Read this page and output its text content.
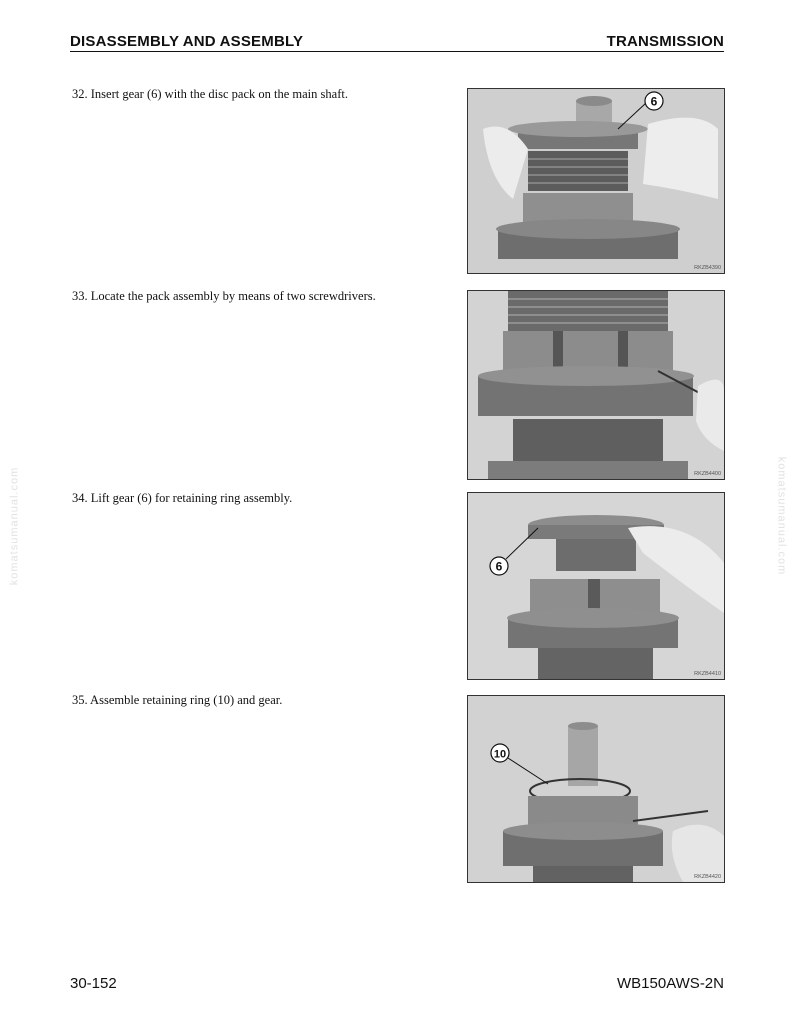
DISASSEMBLY AND ASSEMBLY	TRANSMISSION
komatsumanual.com	komatsumanual.com
32. Insert gear (6) with the disc pack on the main shaft.
6
RKZB4390
33. Locate the pack assembly by means of two screwdrivers.
RKZB4400
34. Lift gear (6) for retaining ring assembly.
6
RKZB4410
35. Assemble retaining ring (10) and gear.
10
RKZB4420
30-152	WB150AWS-2N
